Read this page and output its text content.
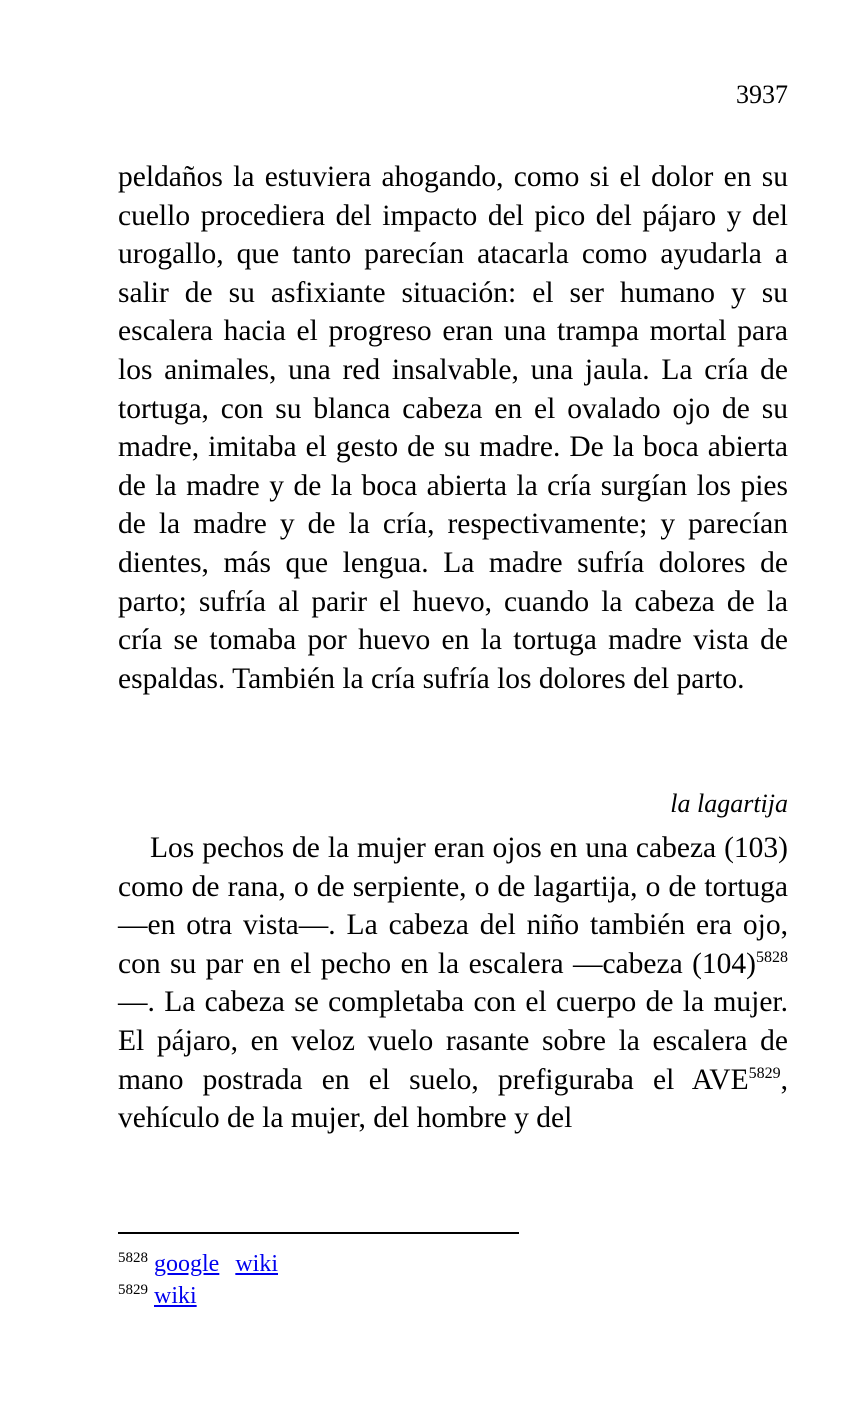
3937

peldaños la estuviera ahogando, como si el dolor en su cuello procediera del impacto del pico del pájaro y del urogallo, que tanto parecían atacarla como ayudarla a salir de su asfixiante situación: el ser humano y su escalera hacia el progreso eran una trampa mortal para los animales, una red insalvable, una jaula. La cría de tortuga, con su blanca cabeza en el ovalado ojo de su madre, imitaba el gesto de su madre. De la boca abierta de la madre y de la boca abierta la cría surgían los pies de la madre y de la cría, respectivamente; y parecían dientes, más que lengua. La madre sufría dolores de parto; sufría al parir el huevo, cuando la cabeza de la cría se tomaba por huevo en la tortuga madre vista de espaldas. También la cría sufría los dolores del parto.

la lagartija

Los pechos de la mujer eran ojos en una cabeza (103) como de rana, o de serpiente, o de lagartija, o de tortuga —en otra vista—. La cabeza del niño también era ojo, con su par en el pecho en la escalera —cabeza $(104)^{5828}—$. La cabeza se completaba con el cuerpo de la mujer. El pájaro, en veloz vuelo rasante sobre la escalera de mano postrada en el suelo, prefiguraba el $AVE^{5829}$, vehículo de la mujer, del hombre y del

$^{5828}$ google wiki
$^{5829}$ wiki
